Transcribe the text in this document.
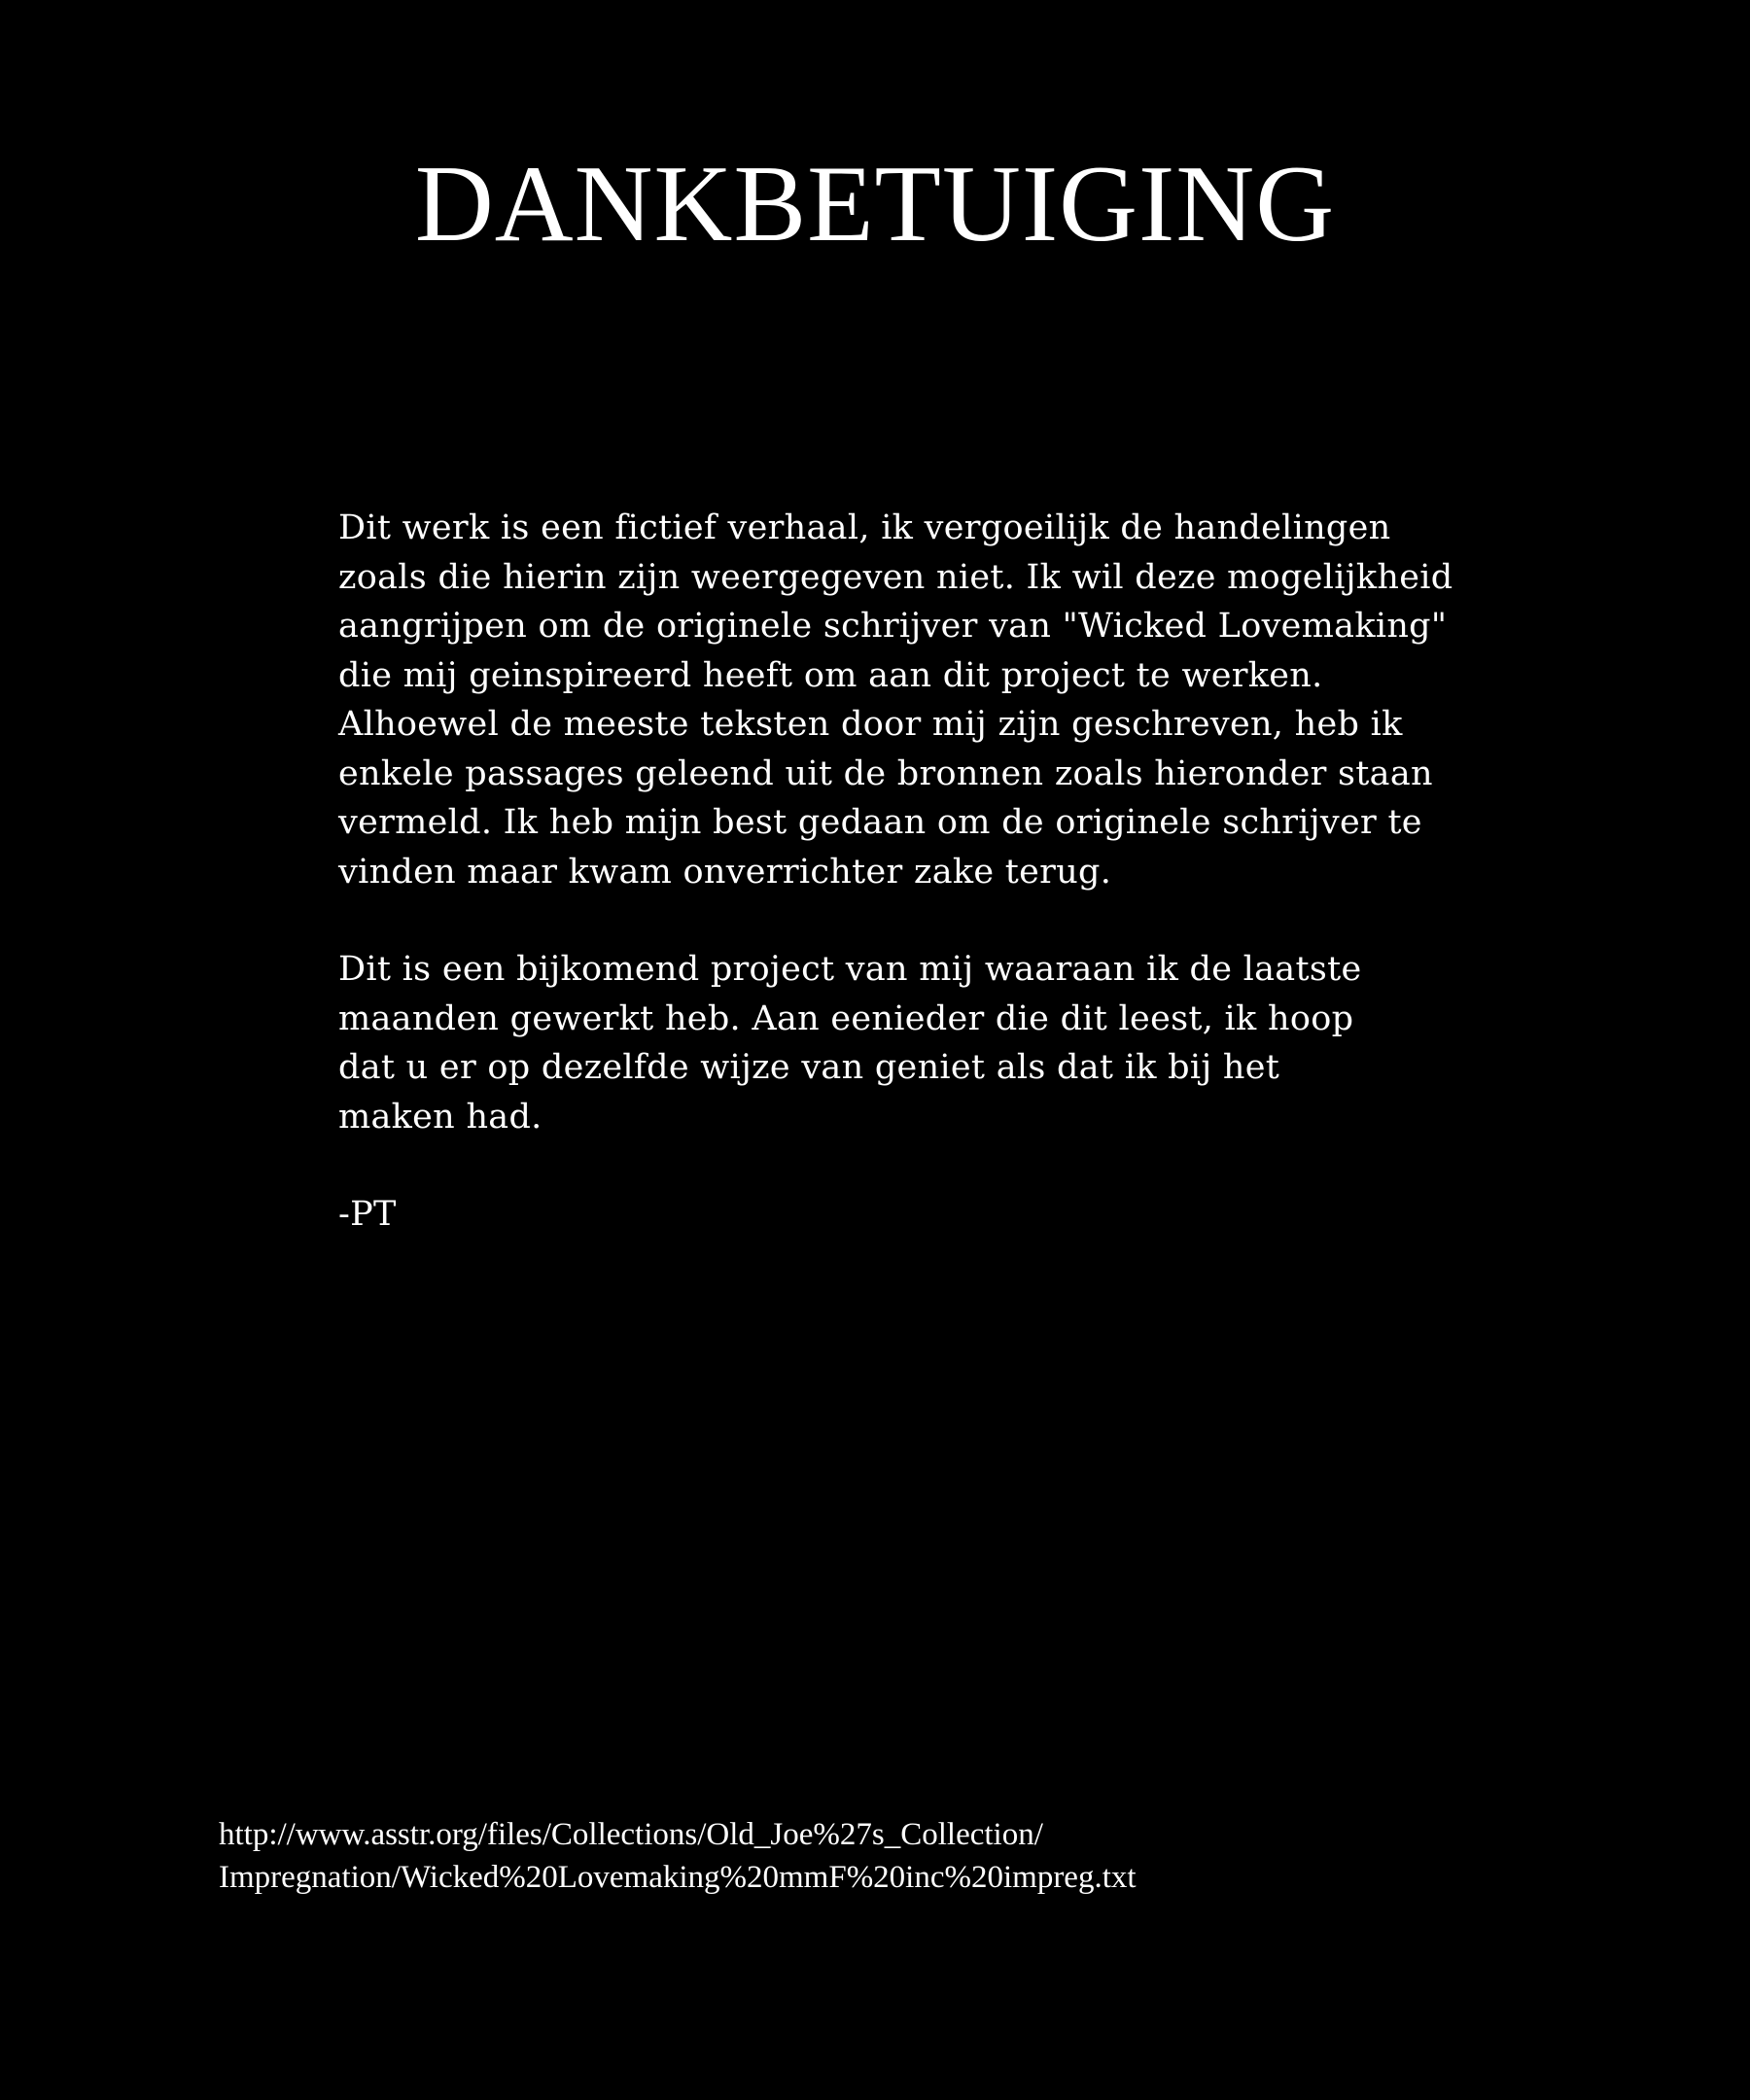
DANKBETUIGING

Dit werk is een fictief verhaal, ik vergoeilijk de handelingen
zoals die hierin zijn weergegeven niet. Ik wil deze mogelijkheid
aangrijpen om de originele schrijver van "Wicked Lovemaking"
die mij geinspireerd heeft om aan dit project te werken.
Alhoewel de meeste teksten door mij zijn geschreven, heb ik
enkele passages geleend uit de bronnen zoals hieronder staan
vermeld. Ik heb mijn best gedaan om de originele schrijver te
vinden maar kwam onverrichter zake terug.

Dit is een bijkomend project van mij waaraan ik de laatste
maanden gewerkt heb. Aan eenieder die dit leest, ik hoop
dat u er op dezelfde wijze van geniet als dat ik bij het
maken had.

-PT

http://www.asstr.org/files/Collections/Old_Joe%27s_Collection/
Impregnation/Wicked%20Lovemaking%20mmF%20inc%20impreg.txt
